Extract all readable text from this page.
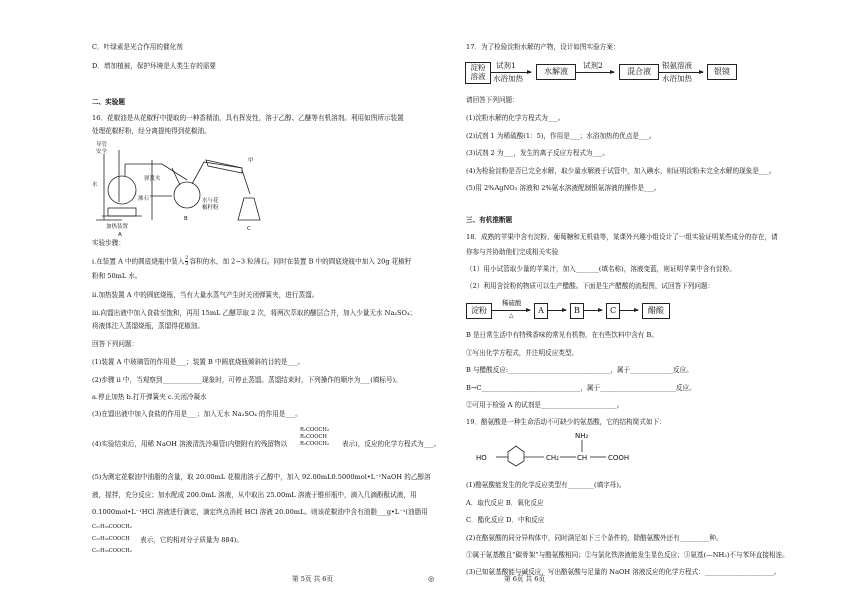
C．叶绿素是光合作用的催化剂
D．增加植被，保护环境是人类生存的需要
二、实验题
16．花椒油是从花椒籽中提取的一种香精油，具有挥发性，溶于乙醇、乙醚等有机溶剂。利用如图所示装置
处理花椒籽粉，经分离提纯得到花椒油。
导管
安全
水
沸石
弹簧夹
加热装置
A
B
C
水与花
椒籽粉
甲
实验步骤：
i.在装置 A 中的圆底烧瓶中装入 $\frac{2}{3}$ 容积的水，加 2−3 粒沸石。同时在装置 B 中的圆底烧瓶中加入 20g 花椒籽
粉和 50mL 水。
ii.加热装置 A 中的圆底烧瓶，当有大量水蒸气产生时关闭弹簧夹，进行蒸馏。
iii.向馏出液中加入食盐至饱和，再用 15mL 乙醚萃取 2 次，将两次萃取的醚层合并，加入少量无水 Na₂SO₄；
将液体注入蒸馏烧瓶，蒸馏得花椒油。
回答下列问题：
(1)装置 A 中玻璃管的作用是___；装置 B 中圆底烧瓶倾斜的目的是___。
(2)步骤 ii 中，当观察到____________现象时，可停止蒸馏。蒸馏结束时，下列操作的顺序为___(填标号)。
a.停止加热 b.打开弹簧夹 c.关闭冷凝水
(3)在馏出液中加入食盐的作用是___；加入无水 Na₂SO₄ 的作用是___。
(4)实验结束后，用稀 NaOH 溶液清洗冷凝管(内壁附有的残留物以
R₁COOCH₂
R₂COOCH
R₃COOCH₂ 表示)，反应的化学方程式为___。
(5)为测定花椒油中油脂的含量，取 20.00mL 花椒油溶于乙醇中，加入 92.00mL0.5000mol•L⁻¹NaOH 的乙醇溶
液，搅拌，充分反应；加水配成 200.0mL 溶液，从中取出 25.00mL 溶液于锥形瓶中，滴入几滴酚酞试液，用
0.1000mol•L⁻¹HCl 溶液进行滴定，滴定终点消耗 HCl 溶液 20.00mL。则该花椒油中含有油脂___g•L⁻¹(油脂用
C₁₇H₃₃COOCH₂
C₁₇H₃₃COOCH
C₁₇H₃₃COOCH₂
表示，它的相对分子质量为 884)。
第 5页 共 6页	◎
17．为了检验淀粉水解的产物，设计如图实验方案：
淀粉
溶液
试剂1
水浴加热
水解液
试剂2
混合液
银氨溶液
水浴加热
银镜
请回答下列问题：
(1)淀粉水解的化学方程式为___。
(2)试剂 1 为稀硫酸(1：5)，作用是___；水浴加热的优点是___。
(3)试剂 2 为___，发生的离子反应方程式为___。
(4)为检验淀粉是否已完全水解，取少量水解液于试管中，加入碘水，则证明淀粉未完全水解的现象是___。
(5)用 2%AgNO₃ 溶液和 2%氨水溶液配制银氨溶液的操作是___。
三、有机推断题
18．成熟的苹果中含有淀粉、葡萄糖和无机盐等，某课外兴趣小组设计了一组实验证明某些成分的存在，请
你参与并协助他们完成相关实验
（1）用小试管取少量的苹果汁，加入_______(填名称)，溶液变蓝，则证明苹果中含有淀粉。
（2）利用含淀粉的物质可以生产醋酸。下面是生产醋酸的流程图，试回答下列问题：
淀粉
稀硫酸
△
A	B	C	醋酸
B 是日常生活中有特殊香味的常见有机物，在有些饮料中含有 B。
①写出化学方程式，并注明反应类型。
B 与醋酸反应:_______________________________，属于_____________反应。
B→C______________________________，属于_______________________反应。
②可用于检验 A 的试剂是_______________________。
19．酪氨酸是一种生命活动不可缺少的氨基酸，它的结构简式如下：
HO	CH₂	CH	COOH
NH₂
(1)酪氨酸能发生的化学反应类型有________(填字母)。
A．取代反应 B．氧化反应
C．酯化反应 D．中和反应
(2)在酪氨酸的同分异构体中，同时满足如下三个条件的，除酪氨酸外还有_________种。
①属于氨基酸且“碳骨架”与酪氨酸相同；②与氯化铁溶液能发生显色反应；③氨基(—NH₂)不与苯环直接相连。
(3)已知氨基酸能与碱反应，写出酪氨酸与足量的 NaOH 溶液反应的化学方程式：_____________________。
第 6页 共 6页
